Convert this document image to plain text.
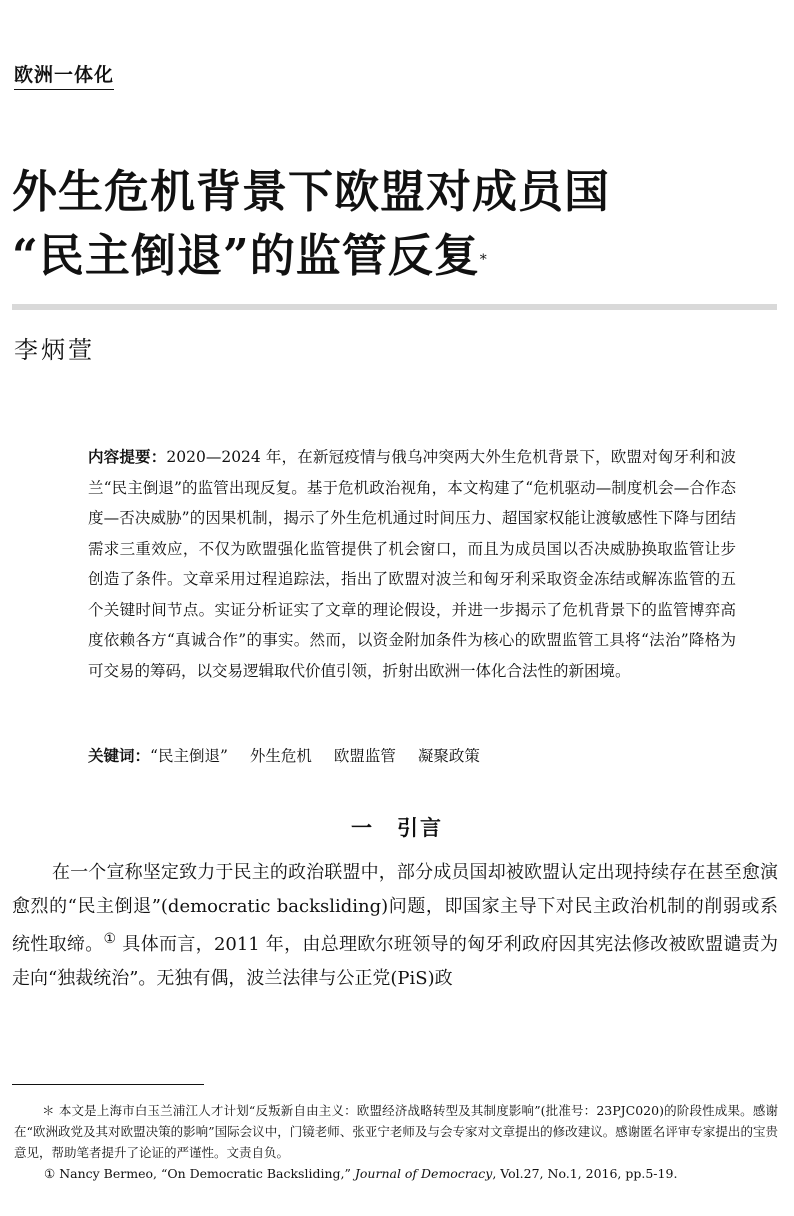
欧洲一体化
外生危机背景下欧盟对成员国
“民主倒退”的监管反复*
李炳萱
内容提要：2020—2024 年，在新冠疫情与俄乌冲突两大外生危机背景下，欧盟对匈牙利和波兰“民主倒退”的监管出现反复。基于危机政治视角，本文构建了“危机驱动—制度机会—合作态度—否决威胁”的因果机制，揭示了外生危机通过时间压力、超国家权能让渡敏感性下降与团结需求三重效应，不仅为欧盟强化监管提供了机会窗口，而且为成员国以否决威胁换取监管让步创造了条件。文章采用过程追踪法，指出了欧盟对波兰和匈牙利采取资金冻结或解冻监管的五个关键时间节点。实证分析证实了文章的理论假设，并进一步揭示了危机背景下的监管博弈高度依赖各方“真诚合作”的事实。然而，以资金附加条件为核心的欧盟监管工具将“法治”降格为可交易的筹码，以交易逻辑取代价值引领，折射出欧洲一体化合法性的新困境。
关键词：“民主倒退” 外生危机 欧盟监管 凝聚政策
一　引言

在一个宣称坚定致力于民主的政治联盟中，部分成员国却被欧盟认定出现持续存在甚至愈演愈烈的“民主倒退”(democratic backsliding)问题，即国家主导下对民主政治机制的削弱或系统性取缔。① 具体而言，2011 年，由总理欧尔班领导的匈牙利政府因其宪法修改被欧盟谴责为走向“独裁统治”。无独有偶，波兰法律与公正党(PiS)政

＊ 本文是上海市白玉兰浦江人才计划“反叛新自由主义：欧盟经济战略转型及其制度影响”(批准号：23PJC020)的阶段性成果。感谢在“欧洲政党及其对欧盟决策的影响”国际会议中，门镜老师、张亚宁老师及与会专家对文章提出的修改建议。感谢匿名评审专家提出的宝贵意见，帮助笔者提升了论证的严谨性。文责自负。

① Nancy Bermeo, “On Democratic Backsliding,” Journal of Democracy, Vol.27, No.1, 2016, pp.5-19.
